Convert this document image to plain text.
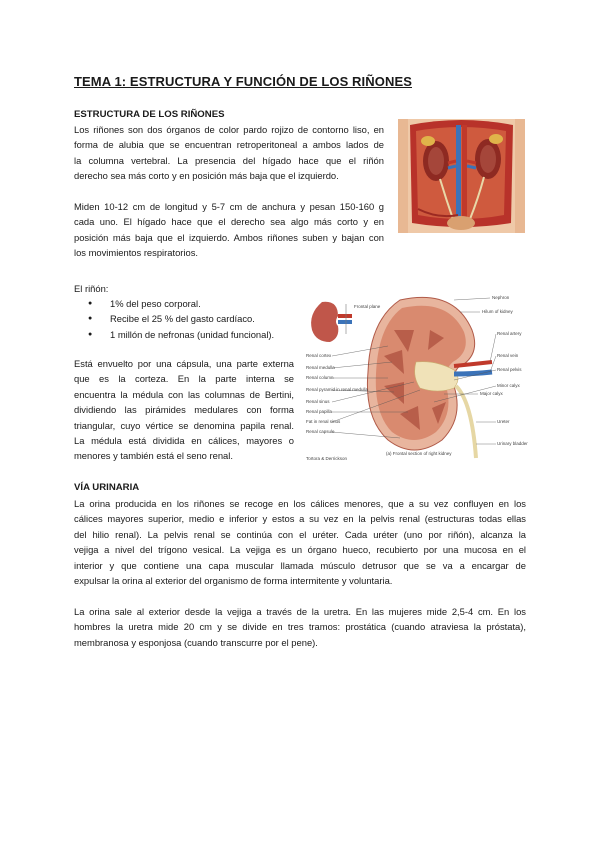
TEMA 1: ESTRUCTURA Y FUNCIÓN DE LOS RIÑONES
ESTRUCTURA DE LOS RIÑONES
Los riñones son dos órganos de color pardo rojizo de contorno liso, en
forma de alubia que se encuentran retroperitoneal a ambos lados de
la columna vertebral. La presencia del hígado hace que el riñón
derecho sea más corto y en posición más baja que el izquierdo.
Miden 10-12 cm de longitud y 5-7 cm de anchura y pesan 150-160 g
cada uno. El hígado hace que el derecho sea algo más corto y en
posición más baja que el izquierdo. Ambos riñones suben y bajan con
los movimientos respiratorios.
El riñón:
● 1% del peso corporal.
● Recibe el 25 % del gasto cardíaco.
● 1 millón de nefronas (unidad funcional).
Está envuelto por una cápsula, una parte externa
que es la corteza. En la parte interna se
encuentra la médula con las columnas de Bertini,
dividiendo las pirámides medulares con forma
triangular, cuyo vértice se denomina papila renal.
La médula está dividida en cálices, mayores o
menores y también está el seno renal.
VÍA URINARIA
La orina producida en los riñones se recoge en los cálices menores, que a su vez confluyen en los
cálices mayores superior, medio e inferior y estos a su vez en la pelvis renal (estructuras todas ellas
del hilio renal). La pelvis renal se continúa con el uréter. Cada uréter (uno por riñón), alcanza la
vejiga a nivel del trígono vesical. La vejiga es un órgano hueco, recubierto por una mucosa en el
interior y que contiene una capa muscular llamada músculo detrusor que se va a encargar de
expulsar la orina al exterior del organismo de forma intermitente y voluntaria.
La orina sale al exterior desde la vejiga a través de la uretra. En las mujeres mide 2,5-4 cm. En los
hombres la uretra mide 20 cm y se divide en tres tramos: prostática (cuando atraviesa la próstata),
membranosa y esponjosa (cuando transcurre por el pene).
Renal cortex
Renal medulla
Renal column
Renal pyramid in renal medulla
Renal sinus
Renal papilla
Fat in renal sinus
Renal capsule
Nephron
Hilum of kidney
Renal artery
Renal vein
Renal pelvis
Major calyx
Minor calyx
Ureter
Urinary bladder
Frontal plane
(a) Frontal section of right kidney
Tortora & Derrickson
